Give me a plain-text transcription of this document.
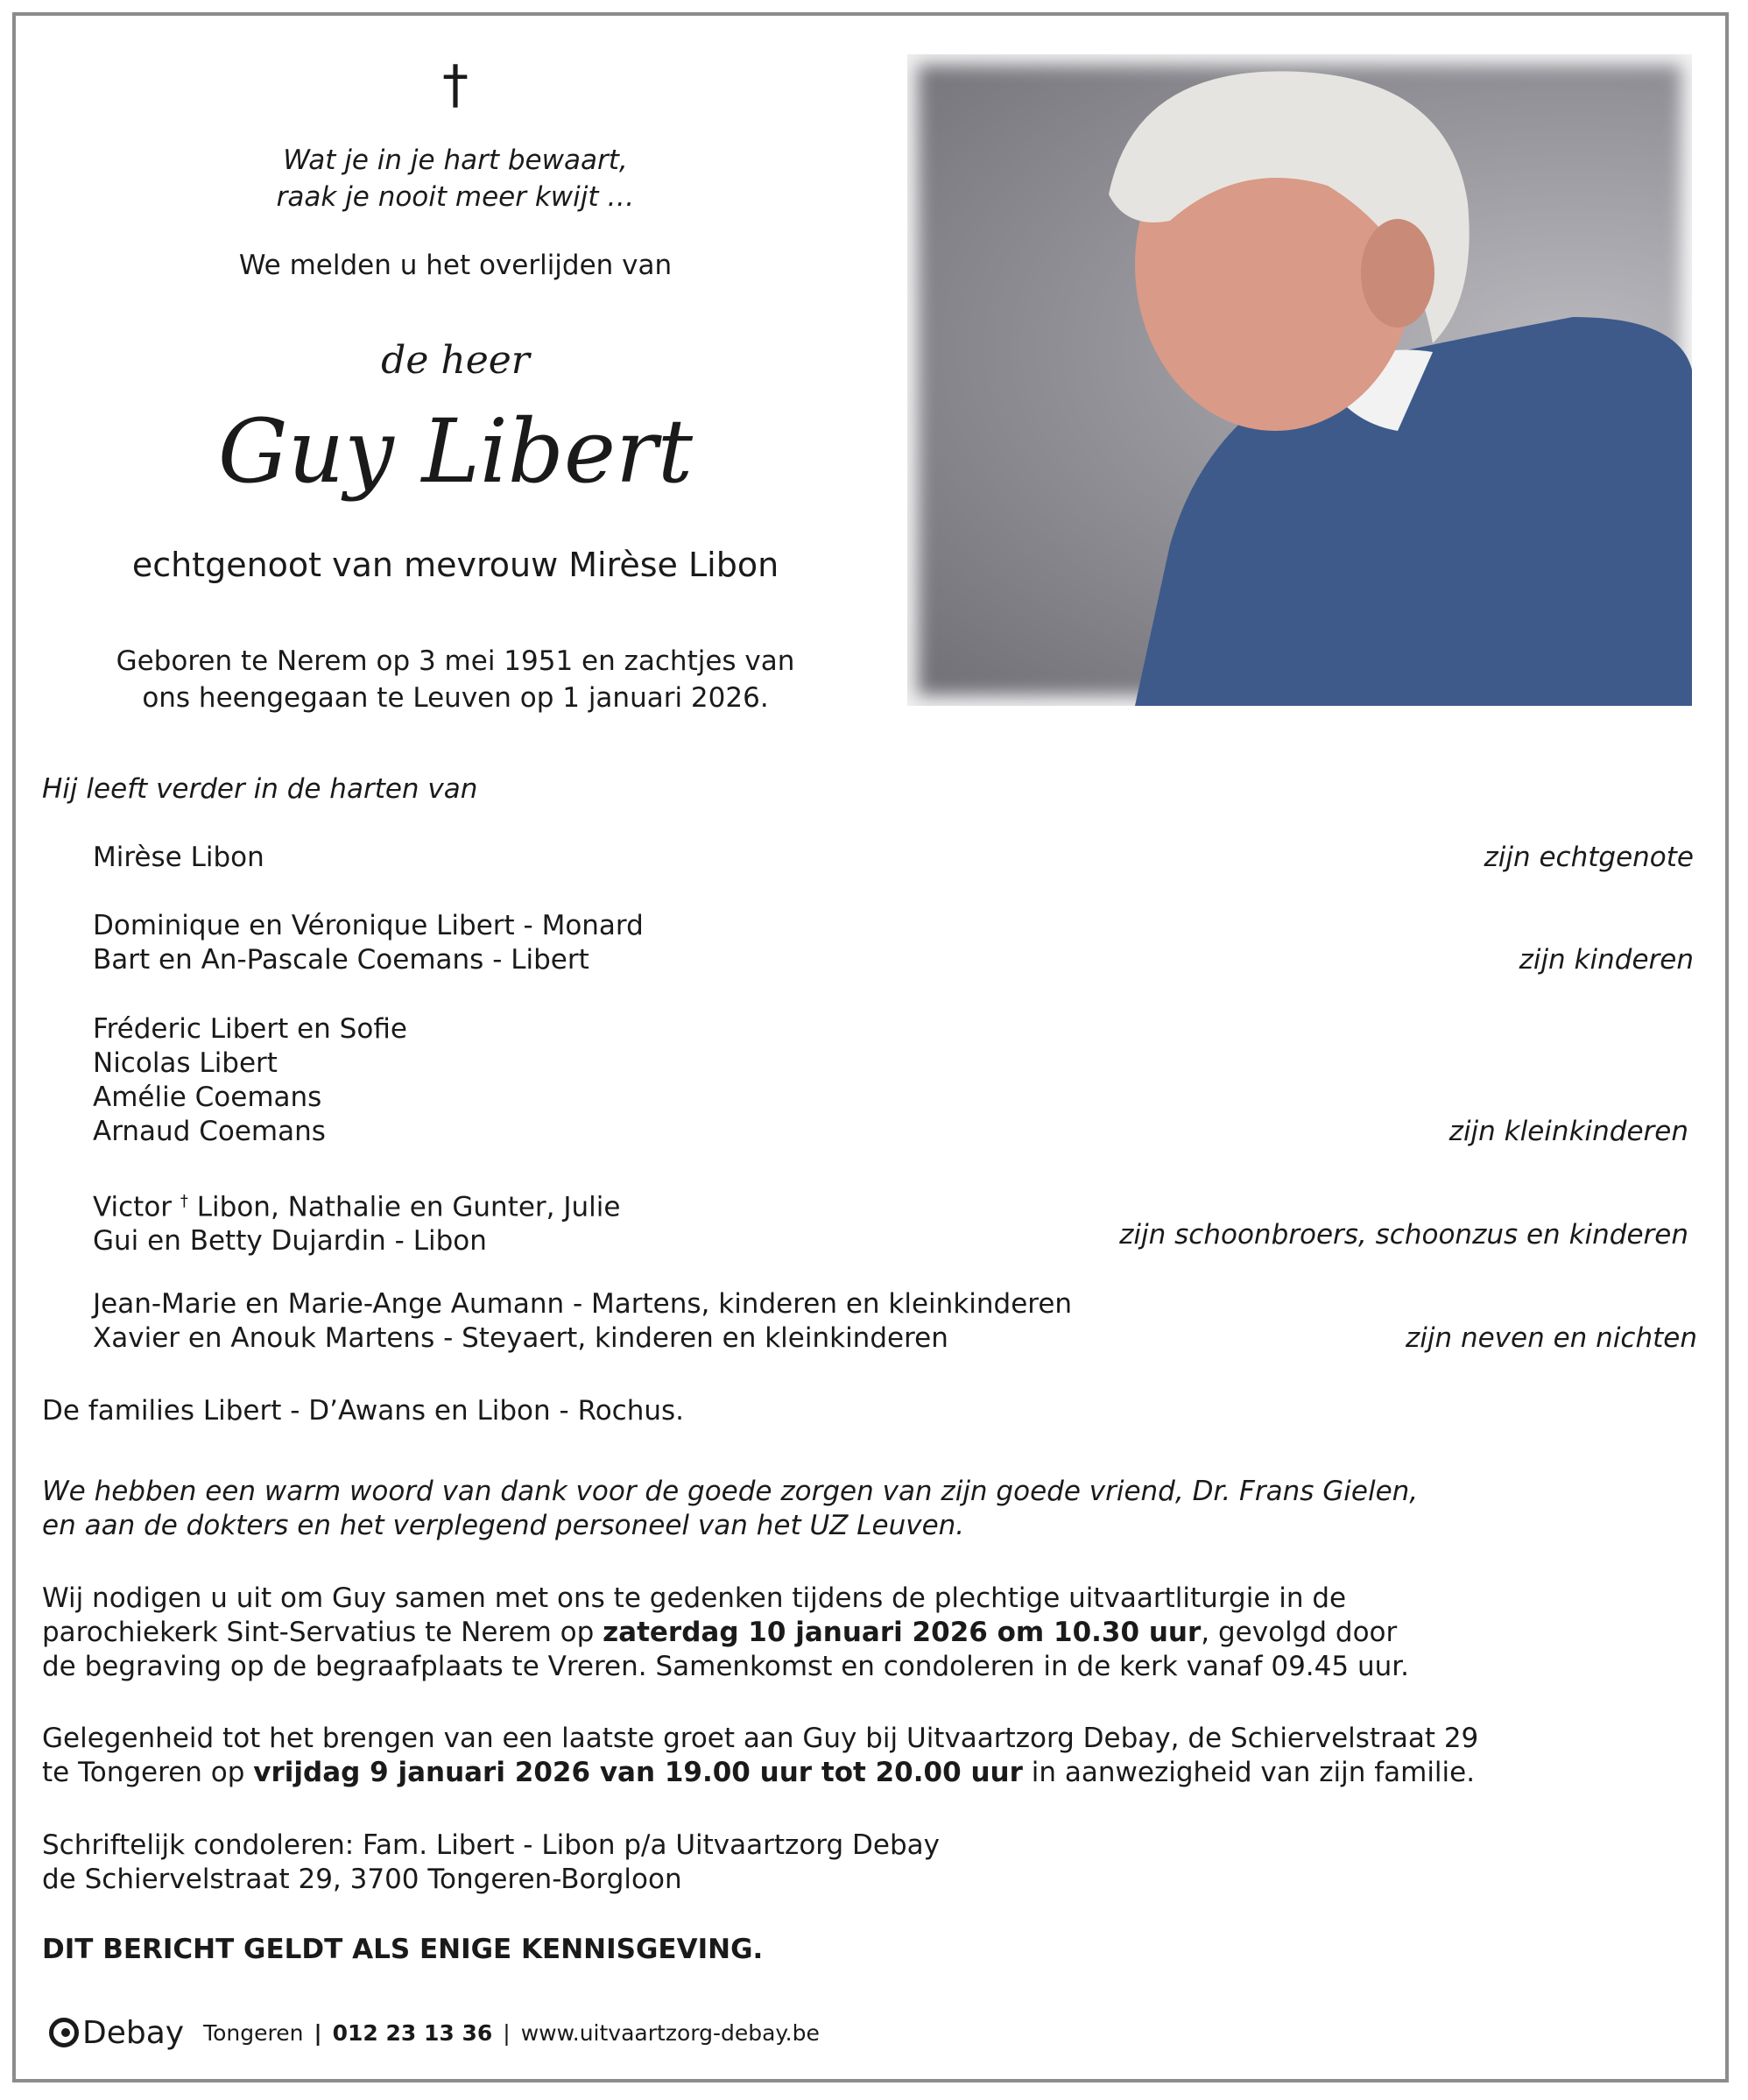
†
Wat je in je hart bewaart,
raak je nooit meer kwijt …
We melden u het overlijden van
de heer
Guy Libert
echtgenoot van mevrouw Mirèse Libon
Geboren te Nerem op 3 mei 1951 en zachtjes van
ons heengegaan te Leuven op 1 januari 2026.
Hij leeft verder in de harten van
Mirèse Libon	zijn echtgenote
Dominique en Véronique Libert - Monard
Bart en An-Pascale Coemans - Libert	zijn kinderen
Fréderic Libert en Sofie
Nicolas Libert
Amélie Coemans
Arnaud Coemans	zijn kleinkinderen
Victor † Libon, Nathalie en Gunter, Julie
Gui en Betty Dujardin - Libon	zijn schoonbroers, schoonzus en kinderen
Jean-Marie en Marie-Ange Aumann - Martens, kinderen en kleinkinderen
Xavier en Anouk Martens - Steyaert, kinderen en kleinkinderen	zijn neven en nichten
De families Libert - D’Awans en Libon - Rochus.
We hebben een warm woord van dank voor de goede zorgen van zijn goede vriend, Dr. Frans Gielen,
en aan de dokters en het verplegend personeel van het UZ Leuven.
Wij nodigen u uit om Guy samen met ons te gedenken tijdens de plechtige uitvaartliturgie in de
parochiekerk Sint-Servatius te Nerem op zaterdag 10 januari 2026 om 10.30 uur, gevolgd door
de begraving op de begraafplaats te Vreren. Samenkomst en condoleren in de kerk vanaf 09.45 uur.
Gelegenheid tot het brengen van een laatste groet aan Guy bij Uitvaartzorg Debay, de Schiervelstraat 29
te Tongeren op vrijdag 9 januari 2026 van 19.00 uur tot 20.00 uur in aanwezigheid van zijn familie.
Schriftelijk condoleren: Fam. Libert - Libon p/a Uitvaartzorg Debay
de Schiervelstraat 29, 3700 Tongeren-Borgloon
DIT BERICHT GELDT ALS ENIGE KENNISGEVING.
Debay Tongeren | 012 23 13 36 | www.uitvaartzorg-debay.be
